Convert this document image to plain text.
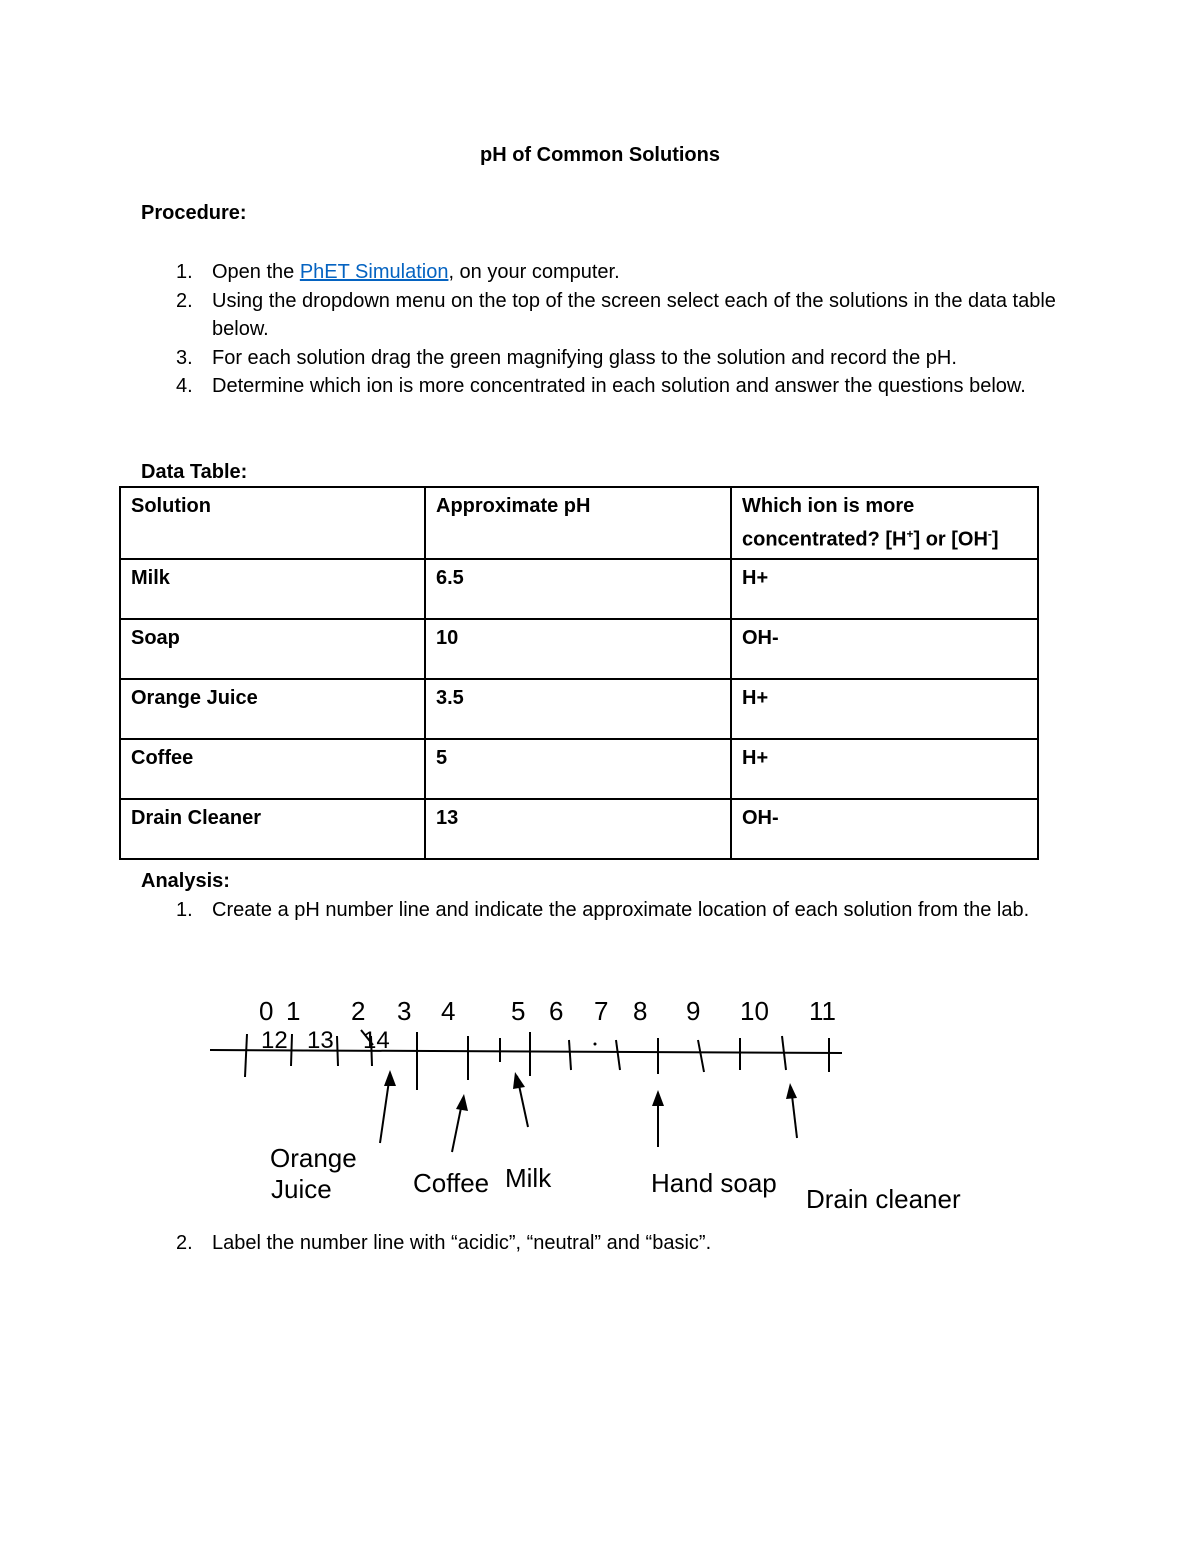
pH of Common Solutions
Procedure:
1. Open the PhET Simulation, on your computer.
2. Using the dropdown menu on the top of the screen select each of the solutions in the data table below.
3. For each solution drag the green magnifying glass to the solution and record the pH.
4. Determine which ion is more concentrated in each solution and answer the questions below.
Data Table:
Solution	Approximate pH	Which ion is more concentrated? [H+] or [OH-]
Milk	6.5	H+
Soap	10	OH-
Orange Juice	3.5	H+
Coffee	5	H+
Drain Cleaner	13	OH-
Analysis:
1. Create a pH number line and indicate the approximate location of each solution from the lab.
0 1 2 3 4 5 6 7 8 9 10 11
12 13 14
Orange
Juice	Coffee Milk	Hand soap
Drain cleaner
2. Label the number line with “acidic”, “neutral” and “basic”.
